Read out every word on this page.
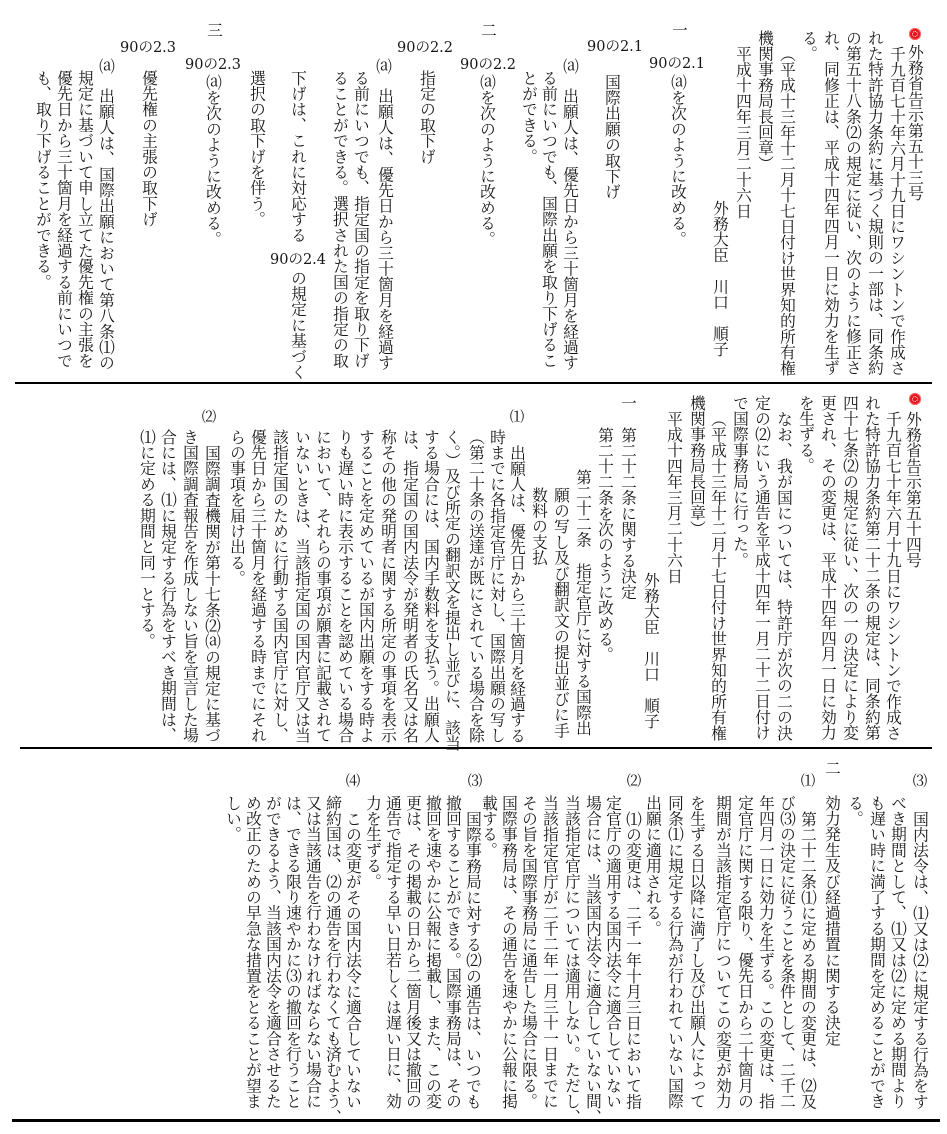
外務省告示第五十三号
千九百七十年六月十九日にワシントンで作成さ
れた特許協力条約に基づく規則の一部は、同条約
の第五十八条⑵の規定に従い、次のように修正さ
れ、同修正は、平成十四年四月一日に効力を生ず
る。
（平成十三年十二月十七日付け世界知的所有権
機関事務局長回章）
平成十四年三月二十六日
外務大臣　川口　順子
一
90の2.1
⒜を次のように改める。
90の2.1
国際出願の取下げ
⒜
出願人は、優先日から三十箇月を経過す
る前にいつでも、国際出願を取り下げるこ
とができる。
二
90の2.2
⒜を次のように改める。
90の2.2
指定の取下げ
⒜
出願人は、優先日から三十箇月を経過す
る前にいつでも、指定国の指定を取り下げ
ることができる。選択された国の指定の取
下げは、これに対応する
の規定に基づく
選択の取下げを伴う。
三
90の2.3
⒜を次のように改める。
90の2.3
優先権の主張の取下げ
⒜
出願人は、国際出願において第八条⑴の
規定に基づいて申し立てた優先権の主張を
優先日から三十箇月を経過する前にいつで
も、取り下げることができる。	90の2.4
外務省告示第五十四号
千九百七十年六月十九日にワシントンで作成さ
れた特許協力条約第二十二条の規定は、同条約第
四十七条⑵の規定に従い、次の一の決定により変
更され、その変更は、平成十四年四月一日に効力
を生ずる。
なお、我が国については、特許庁が次の二の決
定の⑵にいう通告を平成十四年一月二十二日付け
で国際事務局に行った。
（平成十三年十二月十七日付け世界知的所有権
機関事務局長回章）
平成十四年三月二十六日
外務大臣　川口　順子
一
第二十二条に関する決定
第二十二条を次のように改める。
第二十二条　指定官庁に対する国際出
願の写し及び翻訳文の提出並びに手
数料の支払
⑴
出願人は、優先日から三十箇月を経過する
時までに各指定官庁に対し、国際出願の写し
（第二十条の送達が既にされている場合を除
く。）及び所定の翻訳文を提出し並びに、該当
する場合には、国内手数料を支払う。出願人
は、指定国の国内法令が発明者の氏名又は名
称その他の発明者に関する所定の事項を表示
することを定めているが国内出願をする時よ
りも遅い時に表示することを認めている場合
において、それらの事項が願書に記載されて
いないときは、当該指定国の国内官庁又は当
該指定国のために行動する国内官庁に対し、
優先日から三十箇月を経過する時までにそれ
らの事項を届け出る。
⑵
国際調査機関が第十七条⑵⒜の規定に基づ
き国際調査報告を作成しない旨を宣言した場
合には、⑴に規定する行為をすべき期間は、
⑴に定める期間と同一とする。
⑶
国内法令は、⑴又は⑵に規定する行為をす
べき期間として、⑴又は⑵に定める期間より
も遅い時に満了する期間を定めることができ
る。
二
効力発生及び経過措置に関する決定
⑴
第二十二条⑴に定める期間の変更は、⑵及
び⑶の決定に従うことを条件として、二千二
年四月一日に効力を生ずる。この変更は、指
定官庁に関する限り、優先日から二十箇月の
期間が当該指定官庁についてこの変更が効力
を生ずる日以降に満了し及び出願人によって
同条⑴に規定する行為が行われていない国際
出願に適用される。
⑵
⑴の変更は、二千一年十月三日において指
定官庁の適用する国内法令に適合していない
場合には、当該国内法令に適合していない間、
当該指定官庁については適用しない。ただし、
当該指定官庁が二千二年一月三十一日までに
その旨を国際事務局に通告した場合に限る。
国際事務局は、その通告を速やかに公報に掲
載する。
⑶
国際事務局に対する⑵の通告は、いつでも
撤回することができる。国際事務局は、その
撤回を速やかに公報に掲載し、また、この変
更は、その掲載の日から二箇月後又は撤回の
通告で指定する早い日若しくは遅い日に、効
力を生ずる。
⑷
この変更がその国内法令に適合していない
締約国は、⑵の通告を行わなくても済むよう、
又は当該通告を行わなければならない場合に
は、できる限り速やかに⑶の撤回を行うこと
ができるよう、当該国内法令を適合させるた
め改正のための早急な措置をとることが望ま
しい。
